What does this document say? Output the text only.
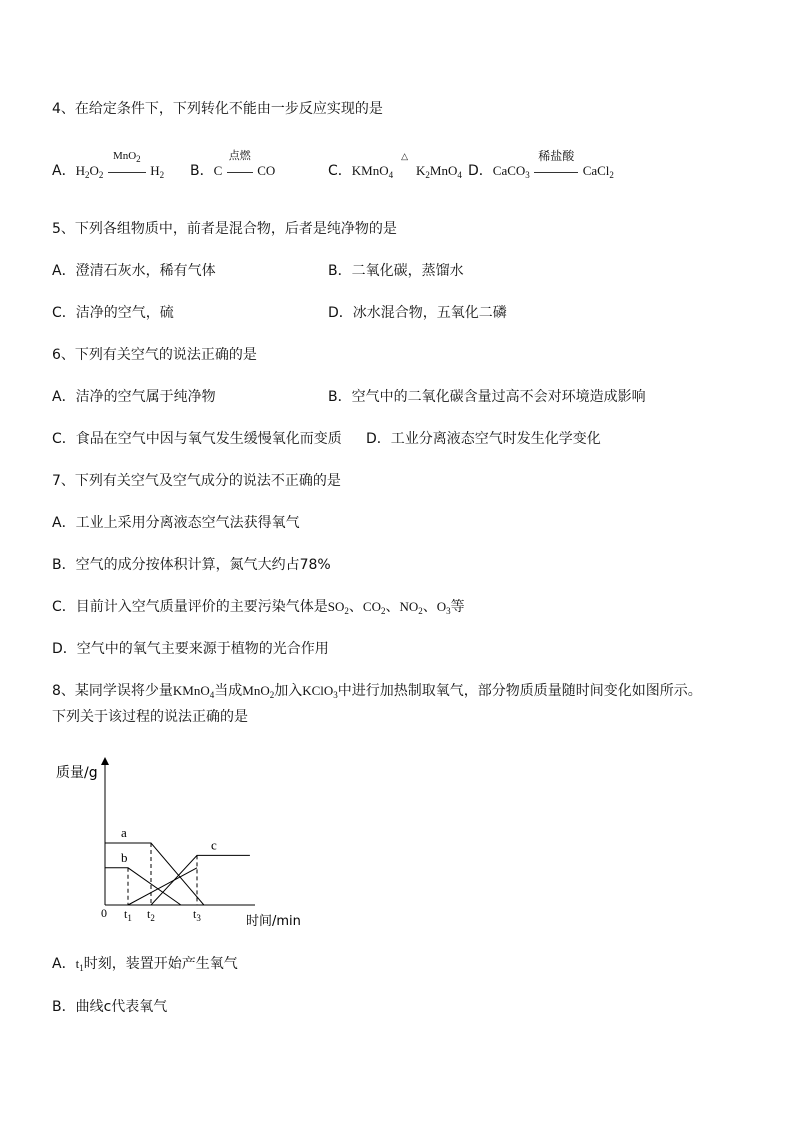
4、在给定条件下，下列转化不能由一步反应实现的是
A．$H_2O_2$
MnO$_2$
$H_2$ B．C
点燃
CO	C．KMnO$_4$
△
$K_2MnO_4$ D．CaCO$_3$
稀盐酸
CaCl$_2$
5、下列各组物质中，前者是混合物，后者是纯净物的是
A．澄清石灰水，稀有气体	B．二氧化碳，蒸馏水
C．洁净的空气，硫	D．冰水混合物，五氧化二磷
6、下列有关空气的说法正确的是
A．洁净的空气属于纯净物	B．空气中的二氧化碳含量过高不会对环境造成影响
C．食品在空气中因与氧气发生缓慢氧化而变质 D．工业分离液态空气时发生化学变化
7、下列有关空气及空气成分的说法不正确的是
A．工业上采用分离液态空气法获得氧气
B．空气的成分按体积计算，氮气大约占78%
C．目前计入空气质量评价的主要污染气体是$SO_2$、$CO_2$、$NO_2$、$O_3$等
D．空气中的氧气主要来源于植物的光合作用
8、某同学误将少量KMnO$_4$当成MnO$_2$加入KClO$_3$中进行加热制取氧气，部分物质质量随时间变化如图所示。
下列关于该过程的说法正确的是
质量/g
时间/min
0 $t_1$ $t_2$	$t_3$
a
b
c
A．$t_1$时刻，装置开始产生氧气
B．曲线c代表氧气
